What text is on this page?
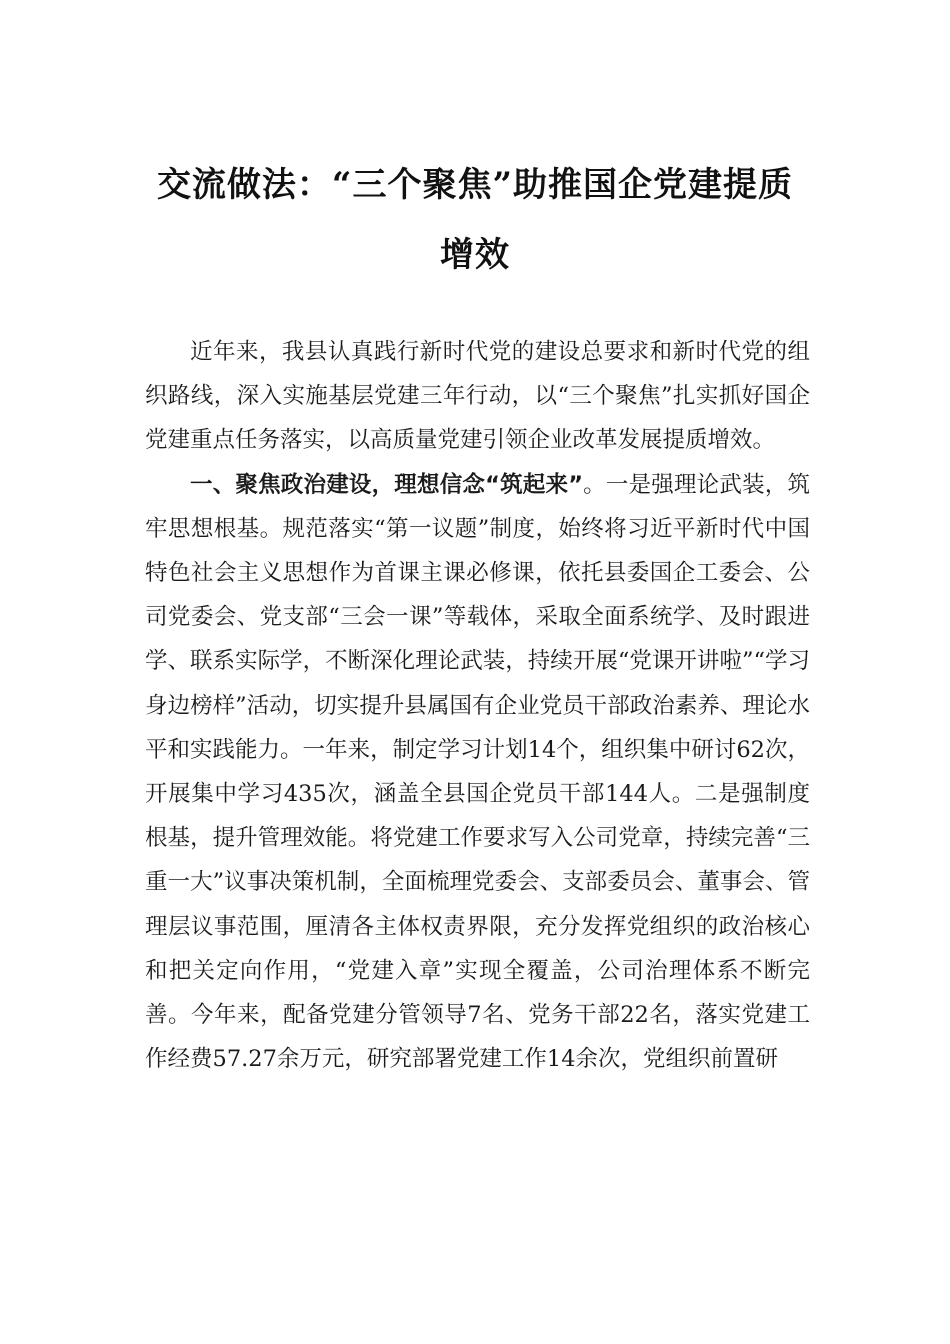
交流做法：“三个聚焦”助推国企党建提质增效

近年来，我县认真践行新时代党的建设总要求和新时代党的组织路线，深入实施基层党建三年行动，以“三个聚焦”扎实抓好国企党建重点任务落实，以高质量党建引领企业改革发展提质增效。

一、聚焦政治建设，理想信念“筑起来”。一是强理论武装，筑牢思想根基。规范落实“第一议题”制度，始终将习近平新时代中国特色社会主义思想作为首课主课必修课，依托县委国企工委会、公司党委会、党支部“三会一课”等载体，采取全面系统学、及时跟进学、联系实际学，不断深化理论武装，持续开展“党课开讲啦”“学习身边榜样”活动，切实提升县属国有企业党员干部政治素养、理论水平和实践能力。一年来，制定学习计划14个，组织集中研讨62次，开展集中学习435次，涵盖全县国企党员干部144人。二是强制度根基，提升管理效能。将党建工作要求写入公司党章，持续完善“三重一大”议事决策机制，全面梳理党委会、支部委员会、董事会、管理层议事范围，厘清各主体权责界限，充分发挥党组织的政治核心和把关定向作用，“党建入章”实现全覆盖，公司治理体系不断完善。今年来，配备党建分管领导7名、党务干部22名，落实党建工作经费57.27余万元，研究部署党建工作14余次，党组织前置研
